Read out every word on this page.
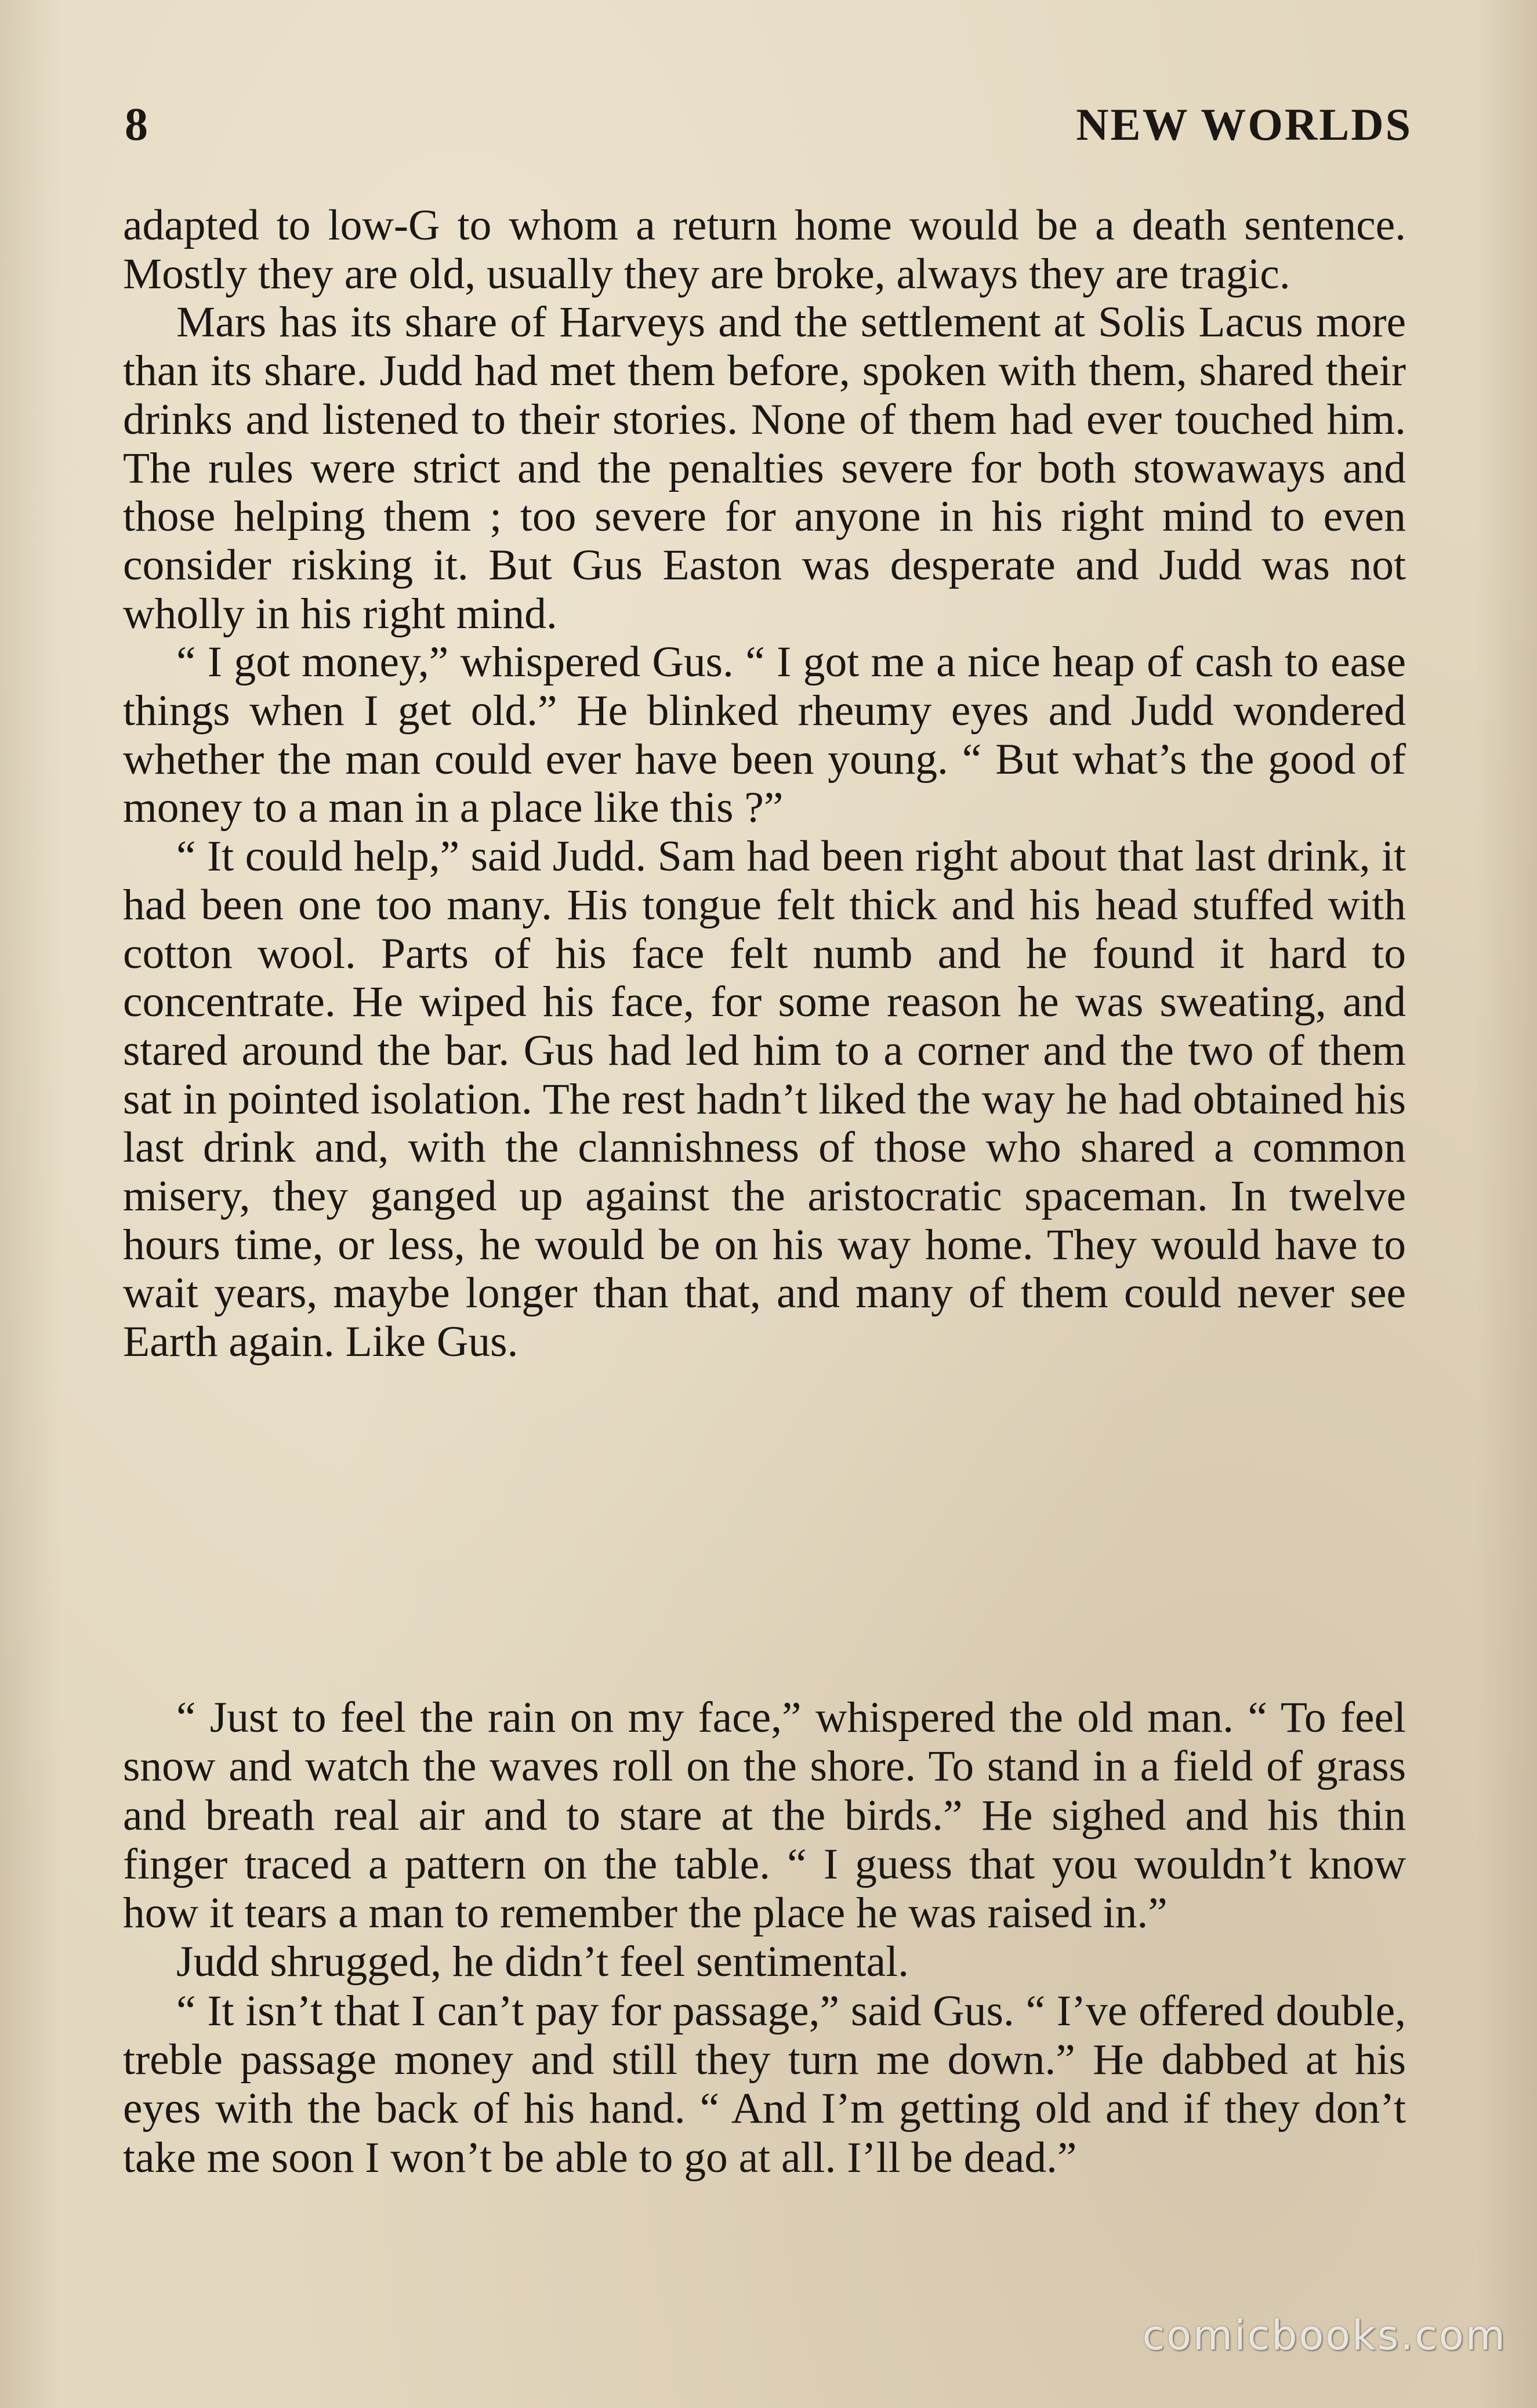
8	NEW WORLDS

adapted to low-G to whom a return home would be a death sentence. Mostly they are old, usually they are broke, always they are tragic.

Mars has its share of Harveys and the settlement at Solis Lacus more than its share. Judd had met them before, spoken with them, shared their drinks and listened to their stories. None of them had ever touched him. The rules were strict and the penalties severe for both stowaways and those helping them ; too severe for anyone in his right mind to even consider risking it. But Gus Easton was desperate and Judd was not wholly in his right mind.

“ I got money,” whispered Gus. “ I got me a nice heap of cash to ease things when I get old.” He blinked rheumy eyes and Judd wondered whether the man could ever have been young. “ But what’s the good of money to a man in a place like this ?”

“ It could help,” said Judd. Sam had been right about that last drink, it had been one too many. His tongue felt thick and his head stuffed with cotton wool. Parts of his face felt numb and he found it hard to concentrate. He wiped his face, for some reason he was sweating, and stared around the bar. Gus had led him to a corner and the two of them sat in pointed isolation. The rest hadn’t liked the way he had obtained his last drink and, with the clannishness of those who shared a common misery, they ganged up against the aristocratic spaceman. In twelve hours time, or less, he would be on his way home. They would have to wait years, maybe longer than that, and many of them could never see Earth again. Like Gus.

“ Just to feel the rain on my face,” whispered the old man. “ To feel snow and watch the waves roll on the shore. To stand in a field of grass and breath real air and to stare at the birds.” He sighed and his thin finger traced a pattern on the table. “ I guess that you wouldn’t know how it tears a man to remember the place he was raised in.”

Judd shrugged, he didn’t feel sentimental.

“ It isn’t that I can’t pay for passage,” said Gus. “ I’ve offered double, treble passage money and still they turn me down.” He dabbed at his eyes with the back of his hand. “ And I’m getting old and if they don’t take me soon I won’t be able to go at all. I’ll be dead.”

comicbooks.com
